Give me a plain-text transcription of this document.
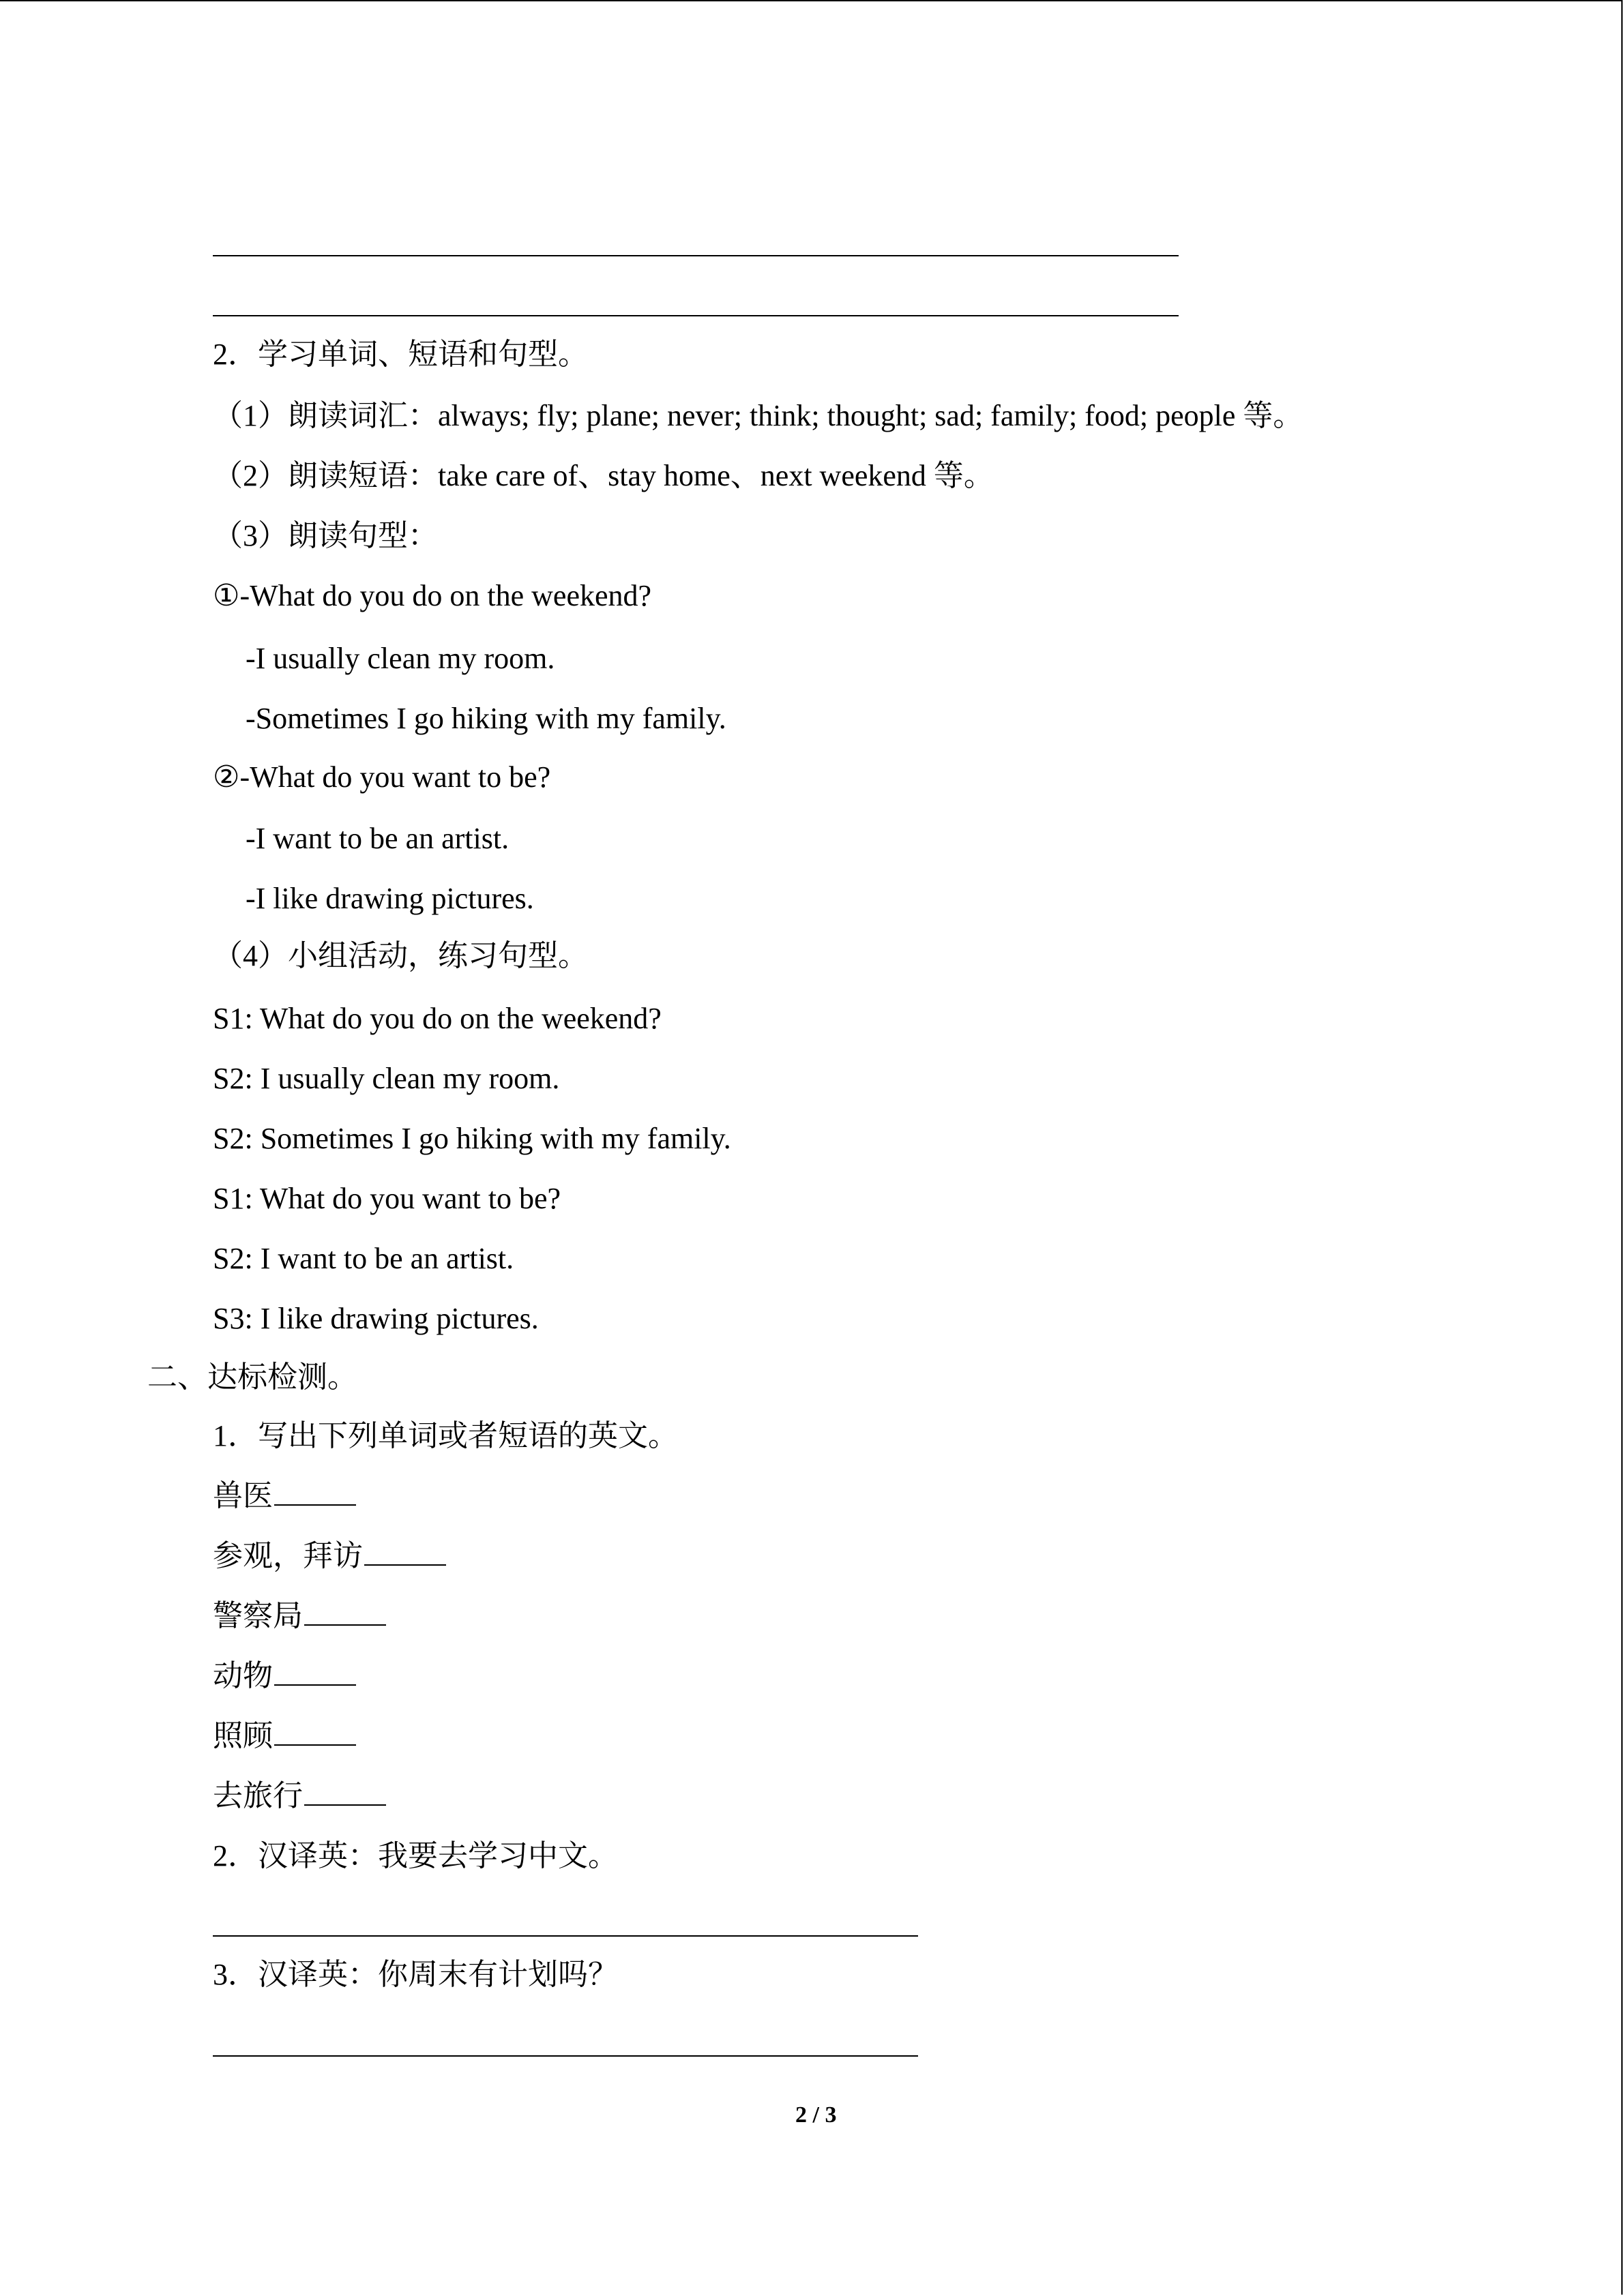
2．学习单词、短语和句型。
（1）朗读词汇：always; fly; plane; never; think; thought; sad; family; food; people 等。
（2）朗读短语：take care of、stay home、next weekend 等。
（3）朗读句型：
①-What do you do on the weekend?
-I usually clean my room.
-Sometimes I go hiking with my family.
②-What do you want to be?
-I want to be an artist.
-I like drawing pictures.
（4）小组活动，练习句型。
S1: What do you do on the weekend?
S2: I usually clean my room.
S2: Sometimes I go hiking with my family.
S1: What do you want to be?
S2: I want to be an artist.
S3: I like drawing pictures.
二、达标检测。
1．写出下列单词或者短语的英文。
兽医
参观，拜访
警察局
动物
照顾
去旅行
2．汉译英：我要去学习中文。
3．汉译英：你周末有计划吗？
2 / 3
